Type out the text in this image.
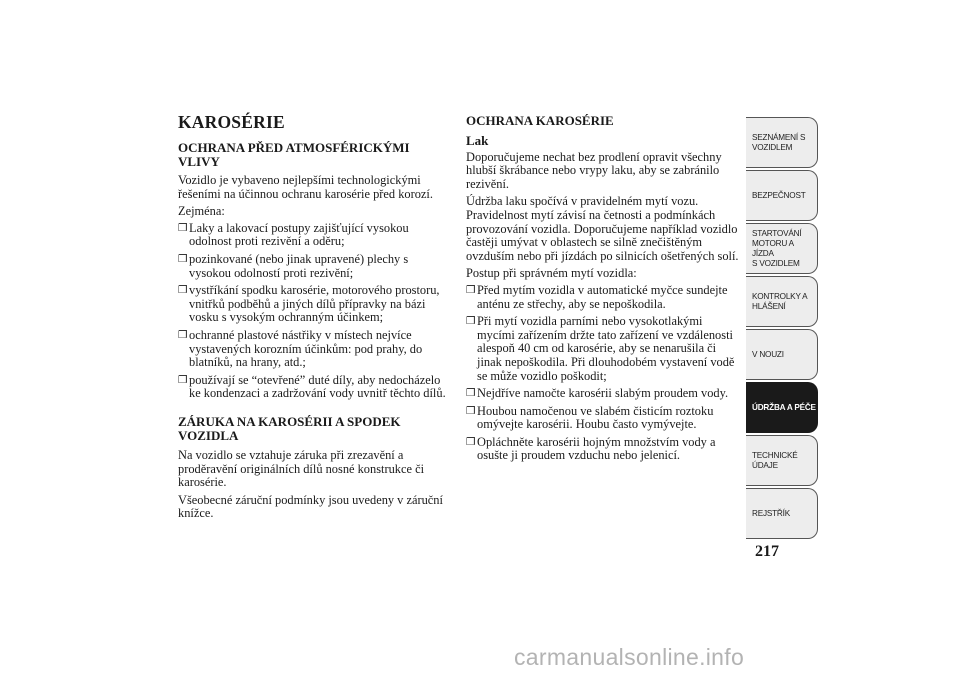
KAROSÉRIE
OCHRANA PŘED ATMOSFÉRICKÝMI VLIVY

Vozidlo je vybaveno nejlepšími technologickými řešeními na účinnou ochranu karosérie před korozí.

Zejména:

❒ Laky a lakovací postupy zajišťující vysokou odolnost proti rezivění a oděru;
❒ pozinkované (nebo jinak upravené) plechy s vysokou odolností proti rezivění;
❒ vystříkání spodku karosérie, motorového prostoru, vnitřků podběhů a jiných dílů přípravky na bázi vosku s vysokým ochranným účinkem;
❒ ochranné plastové nástřiky v místech nejvíce vystavených korozním účinkům: pod prahy, do blatníků, na hrany, atd.;
❒ používají se “otevřené” duté díly, aby nedocházelo ke kondenzaci a zadržování vody uvnitř těchto dílů.
ZÁRUKA NA KAROSÉRII A SPODEK VOZIDLA

Na vozidlo se vztahuje záruka při zrezavění a proděravění originálních dílů nosné konstrukce či karosérie.

Všeobecné záruční podmínky jsou uvedeny v záruční knížce.

OCHRANA KAROSÉRIE

Lak

Doporučujeme nechat bez prodlení opravit všechny hlubší škrábance nebo vrypy laku, aby se zabránilo rezivění.

Údržba laku spočívá v pravidelném mytí vozu. Pravidelnost mytí závisí na četnosti a podmínkách provozování vozidla. Doporučujeme například vozidlo častěji umývat v oblastech se silně znečištěným ovzduším nebo při jízdách po silnicích ošetřených solí.

Postup při správném mytí vozidla:

❒ Před mytím vozidla v automatické myčce sundejte anténu ze střechy, aby se nepoškodila.
❒ Při mytí vozidla parními nebo vysokotlakými mycími zařízením držte tato zařízení ve vzdálenosti alespoň 40 cm od karosérie, aby se nenarušila či jinak nepoškodila. Při dlouhodobém vystavení vodě se může vozidlo poškodit;
❒ Nejdříve namočte karosérii slabým proudem vody.
❒ Houbou namočenou ve slabém čisticím roztoku omývejte karosérii. Houbu často vymývejte.
❒ Opláchněte karosérii hojným množstvím vody a osušte ji proudem vzduchu nebo jelenicí.
SEZNÁMENÍ S
VOZIDLEM
BEZPEČNOST
STARTOVÁNÍ
MOTORU A JÍZDA
S VOZIDLEM
KONTROLKY A
HLÁŠENÍ
V NOUZI
ÚDRŽBA A PÉČE
TECHNICKÉ
ÚDAJE
REJSTŘÍK
217
carmanualsonline.info
